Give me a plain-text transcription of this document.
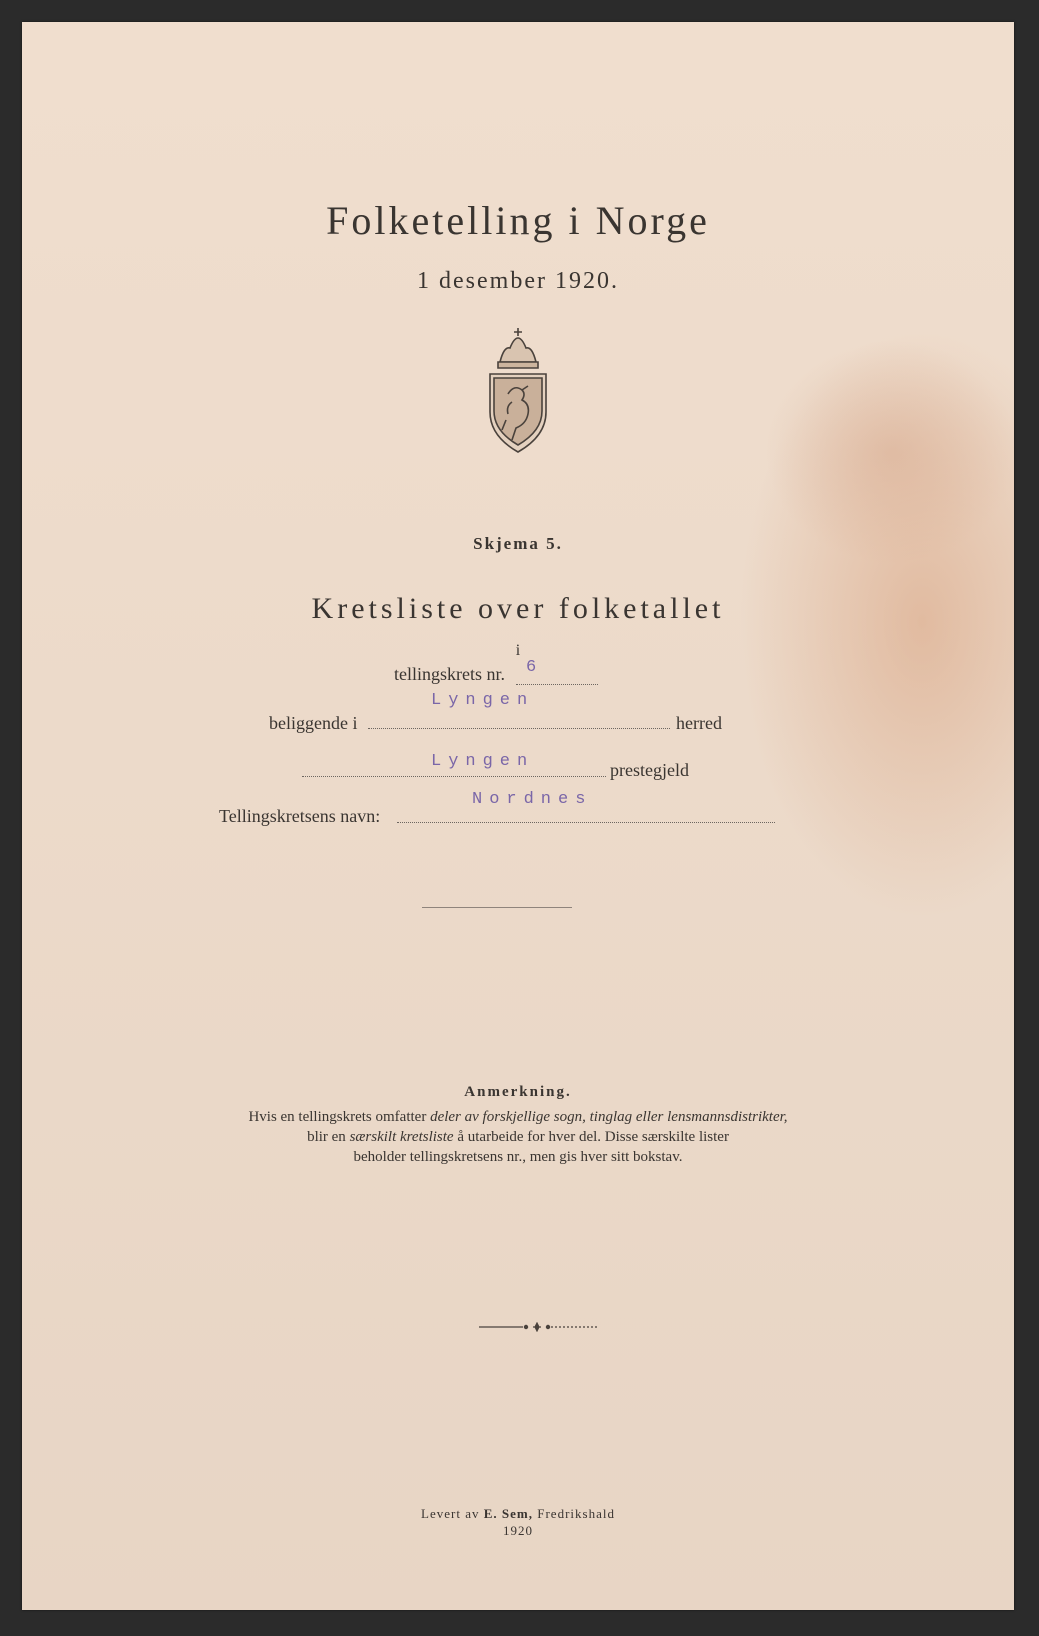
Folketelling i Norge
1 desember 1920.
Skjema 5.
Kretsliste over folketallet
i
tellingskrets nr. 6
beliggende i
Lyngen
herred
Lyngen	prestegjeld
Tellingskretsens navn:
Nordnes
Anmerkning.
Hvis en tellingskrets omfatter deler av forskjellige sogn, tinglag eller lensmannsdistrikter,
blir en særskilt kretsliste å utarbeide for hver del. Disse særskilte lister
beholder tellingskretsens nr., men gis hver sitt bokstav.
Levert av E. Sem, Fredrikshald
1920
